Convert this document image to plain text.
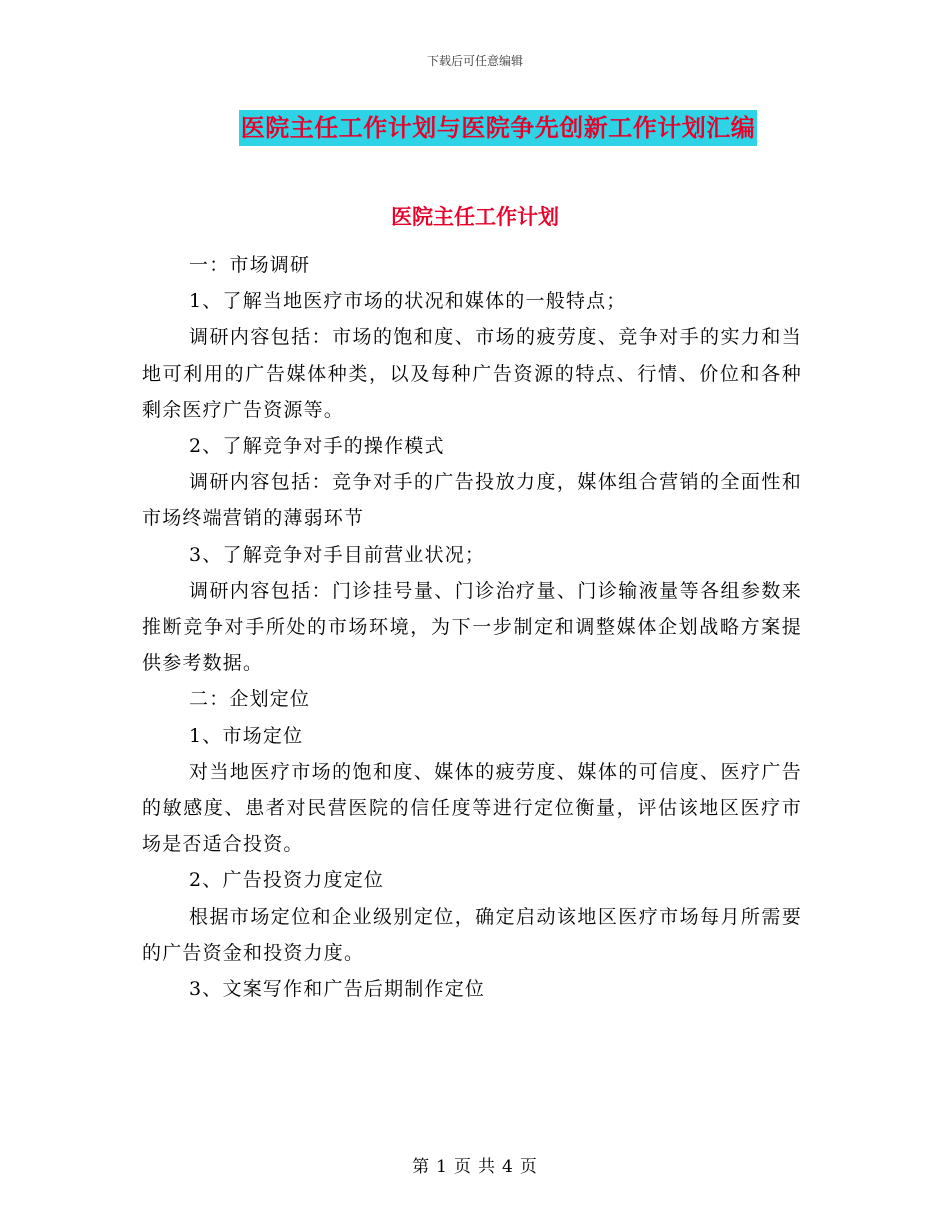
下载后可任意编辑
医院主任工作计划与医院争先创新工作计划汇编
医院主任工作计划

一：市场调研

1、了解当地医疗市场的状况和媒体的一般特点；

调研内容包括：市场的饱和度、市场的疲劳度、竞争对手的实力和当地可利用的广告媒体种类，以及每种广告资源的特点、行情、价位和各种剩余医疗广告资源等。

2、了解竞争对手的操作模式

调研内容包括：竞争对手的广告投放力度，媒体组合营销的全面性和市场终端营销的薄弱环节

3、了解竞争对手目前营业状况；

调研内容包括：门诊挂号量、门诊治疗量、门诊输液量等各组参数来推断竞争对手所处的市场环境，为下一步制定和调整媒体企划战略方案提供参考数据。

二：企划定位

1、市场定位

对当地医疗市场的饱和度、媒体的疲劳度、媒体的可信度、医疗广告的敏感度、患者对民营医院的信任度等进行定位衡量，评估该地区医疗市场是否适合投资。

2、广告投资力度定位

根据市场定位和企业级别定位，确定启动该地区医疗市场每月所需要的广告资金和投资力度。

3、文案写作和广告后期制作定位

第 1 页 共 4 页
